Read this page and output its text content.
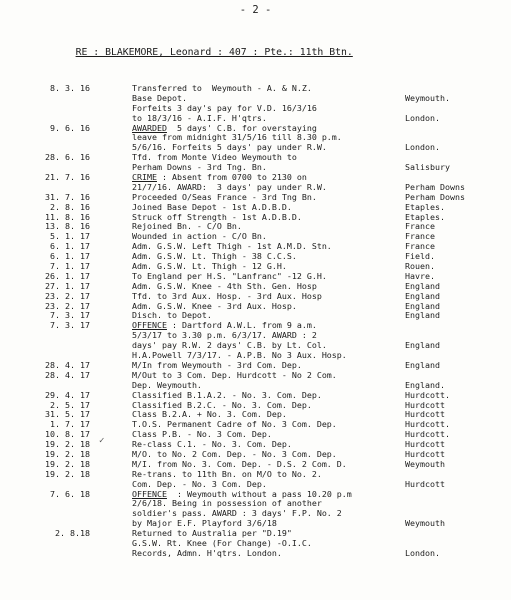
- 2 -

RE : BLAKEMORE, Leonard : 407 : Pte.: 11th Btn.

8. 3. 16	Transferred to  Weymouth - A. & N.Z.
Base Depot.	Weymouth.
Forfeits 3 day's pay for V.D. 16/3/16
to 18/3/16 - A.I.F. H'qtrs.	London.
9. 6. 16	AWARDED  5 days' C.B. for overstaying
leave from midnight 31/5/16 till 8.30 p.m.
5/6/16. Forfeits 5 days' pay under R.W.	London.
28. 6. 16	Tfd. from Monte Video Weymouth to
Perham Downs - 3rd Tng. Bn.	Salisbury
21. 7. 16	CRIME : Absent from 0700 to 2130 on
21/7/16. AWARD:  3 days' pay under R.W.	Perham Downs
31. 7. 16	Proceeded O/Seas France - 3rd Tng Bn.	Perham Downs
2. 8. 16	Joined Base Depot - 1st A.D.B.D.	Etaples.
11. 8. 16	Struck off Strength - 1st A.D.B.D.	Etaples.
13. 8. 16	Rejoined Bn. - C/O Bn.	France
5. 1. 17	Wounded in action - C/O Bn.	France
6. 1. 17	Adm. G.S.W. Left Thigh - 1st A.M.D. Stn.	France
6. 1. 17	Adm. G.S.W. Lt. Thigh - 38 C.C.S.	Field.
7. 1. 17	Adm. G.S.W. Lt. Thigh - 12 G.H.	Rouen.
26. 1. 17	To England per H.S. "Lanfranc" -12 G.H.	Havre.
27. 1. 17	Adm. G.S.W. Knee - 4th Sth. Gen. Hosp	England
23. 2. 17	Tfd. to 3rd Aux. Hosp. - 3rd Aux. Hosp	England
23. 2. 17	Adm. G.S.W. Knee - 3rd Aux. Hosp.	England
7. 3. 17	Disch. to Depot.	England
7. 3. 17	OFFENCE : Dartford A.W.L. from 9 a.m.
5/3/17 to 3.30 p.m. 6/3/17. AWARD : 2
days' pay R.W. 2 days' C.B. by Lt. Col.	England
H.A.Powell 7/3/17. - A.P.B. No 3 Aux. Hosp.
28. 4. 17	M/In from Weymouth - 3rd Com. Dep.	England
28. 4. 17	M/Out to 3 Com. Dep. Hurdcott - No 2 Com.
Dep. Weymouth.	England.
29. 4. 17	Classified B.1.A.2. - No. 3. Com. Dep.	Hurdcott.
2. 5. 17	Classified B.2.C. - No. 3. Com. Dep.	Hurdcott
31. 5. 17	Class B.2.A. + No. 3. Com. Dep.	Hurdcott
1. 7. 17	T.O.S. Permanent Cadre of No. 3 Com. Dep.	Hurdcott.
10. 8. 17	Class P.B. - No. 3 Com. Dep.	Hurdcott.
19. 2. 18	Re-class C.1. - No. 3. Com. Dep.	Hurdcott
19. 2. 18	M/O. to No. 2 Com. Dep. - No. 3 Com. Dep.	Hurdcott
19. 2. 18	M/I. from No. 3. Com. Dep. - D.S. 2 Com. D.	Weymouth
19. 2. 18	Re-trans. to 11th Bn. on M/O to No. 2.
Com. Dep. - No. 3 Com. Dep.	Hurdcott
7. 6. 18	OFFENCE  : Weymouth without a pass 10.20 p.m
2/6/18. Being in possession of another
soldier's pass. AWARD : 3 days' F.P. No. 2
by Major E.F. Playford 3/6/18	Weymouth
2. 8.18	Returned to Australia per "D.19"
G.S.W. Rt. Knee (For Change) -O.I.C.
Records, Admn. H'qtrs. London.	London.
✓
